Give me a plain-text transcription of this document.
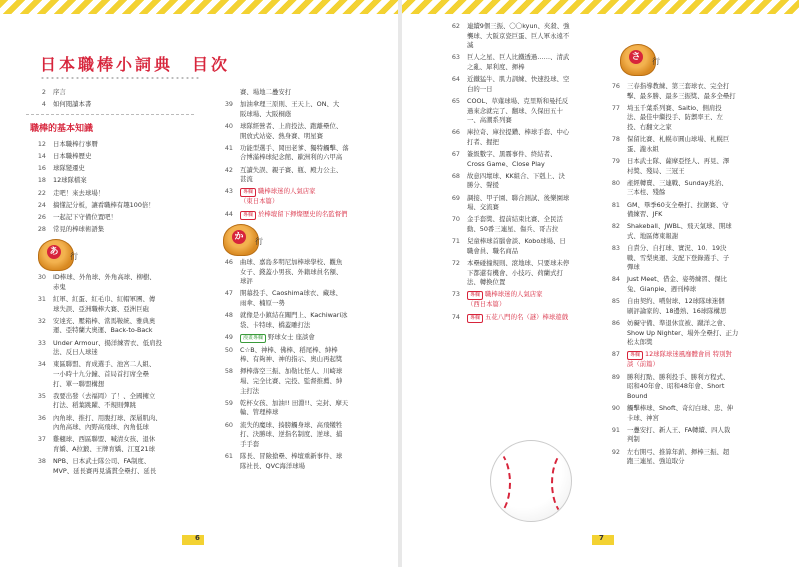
日本職棒小詞典　目次
2	序言
4	如何閱讀本書
職棒的基本知識
12	日本職棒行事曆
14	日本職棒歷史
16	球隊變遷史
18	12球隊檔案
22	走吧！來去球場！
24	搞懂記分板，讓看職棒有趣100倍！
26	一起記下守備位置吧！
28	常見的棒球術語集
あ	行
30	ID棒球、外角球、外角高球、柳樹、
赤鬼
31	紅軍、紅蛋、紅毛巾、紅帽軍團、傳
球失誤、亞洲職棒大賽、亞洲巨砲
32	安達充、壓箱棒、當馬鞍統、雅典奧
運、亞特蘭大奧運、Back-to-Back
33	Under Armour、揚洋練習衣、低肩投
法、反曰人球迷
34	東區聯盟、育成選手、池宮二人組、
一小時十九分鐘、首局首打席全壘
打、單一聯盟構想
35	我要出發（去福岡）了！、全國擁立
打法、稻葉跳躍、不規則彈跳
36	內角球、推打、用腹打球、深層肌肉、
內角高球、內野高飛球、內角低球
37	雞翹球、西區聯盟、喊清女孩、退休
育嬌、A拉鍛、王牌育嬌、江夏21球
38	NPB、日本武士隊公司、FA制度、
MVP、延長賽再見滿貫全壘打、延長
賽、場地二疊安打
39	加油傘理三原則、王天上、ON、大
阪球場、大阪桐蔭
40	球隊經營者、上肩投法、跑離壘位、
開放式站姿、熱身賽、明星賽
41	功能型選手、岡田老爹、獨特觸擊、落
合博滿棒球紀念館、歐洲利的六甲高
42	互讀失誤、親子賽、瓶、殿力公主、
甚流
43	專欄 職棒球迷的人氣店家
（東日本篇）
44	專欄 於棒壇留下揮燦歷史的名監督們
か	行
46	曲球、嘉島多明尼加棒球學校、觀魚
女子、錢蓋小男孩、外籍球員名額、
球評
47	開幕投手、Caoshima球衣、藏球、
雨傘、楠原一勢
48	就像是小鎮結在關門上、Kachiwari冰
袋、卡特球、橋蓋雕打法
49	漫畫專欄 野球女士 座談會
50	C☆B、神棒、佛棒、稻尾棒、紳棒
棒、有夠神、神的指示、奧山再起獎
58	揮棒落空三振、加勒比怪人、川崎球
場、完全比賽、完投、監督推薦、紳
主打法
59	乾杯女孩、加油!! 田淵!!、完封、摩天
輪、管理棒球
60	流失的魔球、揍膀觸身球、高飛犧牲
打、決勝球、逆指名制度、逆球、捕
手手套
61	隊長、冒險搶壘、棒壇重新事件、球
隊社長、QVC海洋球場
62	連續9個三振、〇〇kyun、夾殺、強
襲球、大阪京瓷巨蛋、巨人軍永遠不
滅
63	巨人之星、巨人比鐵透過……、清武
之亂、犀利度、揮棒
64	近鐵猛牛、肌力訓練、快速投球、空
白的一日
65	COOL、草薙球場、克里斯和曼托反
過來念就完了、翻球、久保田五十
一、高潮系列賽
66	庫拉奇、庫拉提鑽、棒球手套、中心
打者、握把
67	簽級數字、黑霧事件、終結者、
Cross Game、Close Play
68	故意四壞球、KK組合、下剋上、決
勝分、聲援
69	調接、甲子園、聯合測試、後樂園球
場、交流賽
70	金手套獎、提前結束比賽、全民活
動、50番三連星、傷兵、哥吉拉
71	兒童棒球首腦會談、Kobo球場、日
職會員、職名商品
72	本壘碰撞規則、滾地球、只要球未停
下都還有機會、小技巧、荷蘭式打
法、轉換位置
73	專欄 職棒球迷的人氣店家
（西日本篇）
74	專欄 五花八門的名（謎）棒球遊戲
さ	行
76	三春指導教練、第三套球衣、完全打
擊、最多勝、最多三振獎、最多全壘打
77	埼玉千葉系列賽、Saitio、側肩投
法、最佳中繼投手、防禦率王、左
投、右翻文之家
78	保留比賽、札幌市圓山球場、札幌巨
蛋、瀧永組
79	日本武士隊、薩摩亞怪人、再見、澤
村獎、殘局、三冠王
80	產經轉賣、三連戰、Sunday兆治、
三本柱、殘餘
81	GM、畢季60支全壘打、拉鋸賽、守
備練習、JFK
82	Shakeball、JWBL、飛天氣球、開球
式、地區傳東報謝
83	自責分、自打球、實況、10．19決
戰、雪梨奧運、支配下登錄選手、子
彈球
84	Just Meet、借金、姿勢練習、傑比
兔、Gianpie、週刊棒球
85	自由契約、噴射球、12球隊球迷個
刷評論家的、18邊熟、16球隊構思
86	妨礙守備、準退休宣被、蹴洋之會、
Show Up Nighter、場外全壘打、正力
松太郎獎
87	專欄 12球隊球迷風靡體會員 特別對
談（前篇）
89	勝利打點、勝利投手、勝利方程式、
昭和40年會、昭和48年會、Short
Bound
90	觸擊棒球、Shoft、奇幻白球、忠、伸
卡球、神宮
91	一疊安打、新人王、FA轉續、四人裁
判制
92	左右開弓、推算年薪、揮棒三振、超
跑三連星、強迫取分
6	7
